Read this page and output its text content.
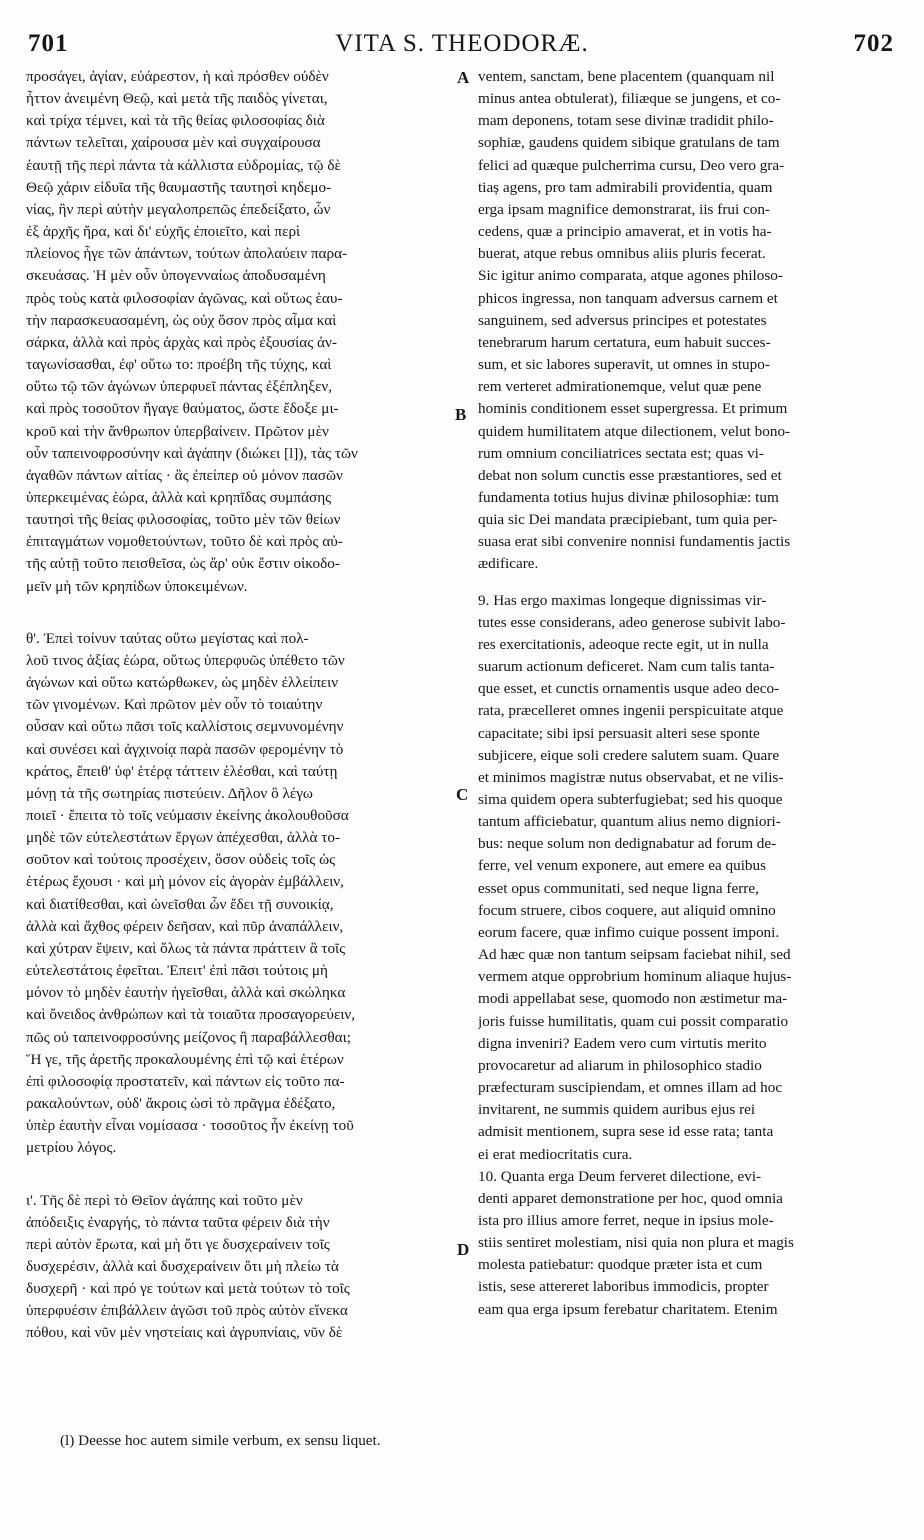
701	VITA S. THEODORÆ.	702
προσάγει, ἁγίαν, εὐάρεστον, ἡ καὶ πρόσθεν οὐδὲν
ἧττον ἀνειμένη Θεῷ, καὶ μετὰ τῆς παιδὸς γίνεται,
καὶ τρίχα τέμνει, καὶ τὰ τῆς θείας φιλοσοφίας διὰ
πάντων τελεῖται, χαίρουσα μὲν καὶ συγχαίρουσα
ἑαυτῇ τῆς περὶ πάντα τὰ κάλλιστα εὐδρομίας, τῷ δὲ
Θεῷ χάριν εἰδυῖα τῆς θαυμαστῆς ταυτησὶ κηδεμο-
νίας, ἣν περὶ αὐτὴν μεγαλοπρεπῶς ἐπεδείξατο, ὧν
ἐξ ἀρχῆς ἤρα, καὶ δι' εὐχῆς ἐποιεῖτο, καὶ περὶ
πλείονος ἦγε τῶν ἁπάντων, τούτων ἀπολαύειν παρα-
σκευάσας. Ἡ μὲν οὖν ὑπογενναίως ἀποδυσαμένη
πρὸς τοὺς κατὰ φιλοσοφίαν ἀγῶνας, καὶ οὕτως ἑαυ-
τὴν παρασκευασαμένη, ὡς οὐχ ὅσον πρὸς αἷμα καὶ
σάρκα, ἀλλὰ καὶ πρὸς ἀρχὰς καὶ πρὸς ἐξουσίας ἀν-
ταγωνίσασθαι, ἐφ' οὕτω το: προέβη τῆς τύχης, καὶ
οὕτω τῷ τῶν ἀγώνων ὑπερφυεῖ πάντας ἐξέπληξεν,
καὶ πρὸς τοσοῦτον ἤγαγε θαύματος, ὥστε ἔδοξε μι-
κροῦ καὶ τὴν ἄνθρωπον ὑπερβαίνειν. Πρῶτον μὲν
οὖν ταπεινοφροσύνην καὶ ἀγάπην (διώκει [l]), τὰς τῶν
ἀγαθῶν πάντων αἰτίας · ἃς ἐπείπερ οὐ μόνον πασῶν
ὑπερκειμένας ἑώρα, ἀλλὰ καὶ κρηπῖδας συμπάσης
ταυτησὶ τῆς θείας φιλοσοφίας, τοῦτο μὲν τῶν θείων
ἐπιταγμάτων νομοθετούντων, τοῦτο δὲ καὶ πρὸς αὐ-
τῆς αὐτῇ τοῦτο πεισθεῖσα, ὡς ἄρ' οὐκ ἔστιν οἰκοδο-
μεῖν μὴ τῶν κρηπίδων ὑποκειμένων.
θ'. Ἐπεὶ τοίνυν ταύτας οὕτω μεγίστας καὶ πολ-
λοῦ τινος ἀξίας ἑώρα, οὕτως ὑπερφυῶς ὑπέθετο τῶν
ἀγώνων καὶ οὕτω κατώρθωκεν, ὡς μηδὲν ἐλλείπειν
τῶν γινομένων. Καὶ πρῶτον μὲν οὖν τὸ τοιαύτην
οὖσαν καὶ οὕτω πᾶσι τοῖς καλλίστοις σεμνυνομένην
καὶ συνέσει καὶ ἀγχινοίᾳ παρὰ πασῶν φερομένην τὸ
κράτος, ἔπειθ' ὑφ' ἑτέρᾳ τάττειν ἑλέσθαι, καὶ ταύτῃ
μόνῃ τὰ τῆς σωτηρίας πιστεύειν. Δῆλον ὃ λέγω
ποιεῖ · ἔπειτα τὸ τοῖς νεύμασιν ἐκείνης ἀκολουθοῦσα
μηδὲ τῶν εὐτελεστάτων ἔργων ἀπέχεσθαι, ἀλλὰ το-
σοῦτον καὶ τούτοις προσέχειν, ὅσον οὐδεὶς τοῖς ὡς
ἑτέρως ἔχουσι · καὶ μὴ μόνον εἰς ἀγορὰν ἐμβάλλειν,
καὶ διατίθεσθαι, καὶ ὠνεῖσθαι ὧν ἔδει τῇ συνοικίᾳ,
ἀλλὰ καὶ ἄχθος φέρειν δεῆσαν, καὶ πῦρ ἀναπάλλειν,
καὶ χύτραν ἕψειν, καὶ ὅλως τὰ πάντα πράττειν ἃ τοῖς
εὐτελεστάτοις ἐφεῖται. Ἐπειτ' ἐπὶ πᾶσι τούτοις μὴ
μόνον τὸ μηδὲν ἑαυτὴν ἡγεῖσθαι, ἀλλὰ καὶ σκώληκα
καὶ ὄνειδος ἀνθρώπων καὶ τὰ τοιαῦτα προσαγορεύειν,
πῶς οὐ ταπεινοφροσύνης μείζονος ἢ παραβάλλεσθαι;
Ἥ γε, τῆς ἀρετῆς προκαλουμένης ἐπὶ τῷ καὶ ἑτέρων
ἐπὶ φιλοσοφίᾳ προστατεῖν, καὶ πάντων εἰς τοῦτο πα-
ρακαλούντων, οὐδ' ἄκροις ὠσὶ τὸ πρᾶγμα ἐδέξατο,
ὑπὲρ ἑαυτὴν εἶναι νομίσασα · τοσοῦτος ἦν ἐκείνῃ τοῦ
μετρίου λόγος.
ι'. Τῆς δὲ περὶ τὸ Θεῖον ἀγάπης καὶ τοῦτο μὲν
ἀπόδειξις ἐναργής, τὸ πάντα ταῦτα φέρειν διὰ τὴν
περὶ αὐτὸν ἔρωτα, καὶ μὴ ὅτι γε δυσχεραίνειν τοῖς
δυσχερέσιν, ἀλλὰ καὶ δυσχεραίνειν ὅτι μὴ πλείω τὰ
δυσχερῆ · καὶ πρό γε τούτων καὶ μετὰ τούτων τὸ τοῖς
ὑπερφυέσιν ἐπιβάλλειν ἀγῶσι τοῦ πρὸς αὐτὸν εἵνεκα
πόθου, καὶ νῦν μὲν νηστείαις καὶ ἀγρυπνίαις, νῦν δὲ
ventem, sanctam, bene placentem (quanquam nil
minus antea obtulerat), filiæque se jungens, et co-
mam deponens, totam sese divinæ tradidit philo-
sophiæ, gaudens quidem sibique gratulans de tam
felici ad quæque pulcherrima cursu, Deo vero gra-
tiaș agens, pro tam admirabili providentia, quam
erga ipsam magnifice demonstrarat, iis frui con-
cedens, quæ a principio amaverat, et in votis ha-
buerat, atque rebus omnibus aliis pluris fecerat.
Sic igitur animo comparata, atque agones philoso-
phicos ingressa, non tanquam adversus carnem et
sanguinem, sed adversus principes et potestates
tenebrarum harum certatura, eum habuit succes-
sum, et sic labores superavit, ut omnes in stupo-
rem verteret admirationemque, velut quæ pene
hominis conditionem esset supergressa. Et primum
quidem humilitatem atque dilectionem, velut bono-
rum omnium conciliatrices sectata est; quas vi-
debat non solum cunctis esse præstantiores, sed et
fundamenta totius hujus divinæ philosophiæ: tum
quia sic Dei mandata præcipiebant, tum quia per-
suasa erat sibi convenire nonnisi fundamentis jactis
ædificare.
9. Has ergo maximas longeque dignissimas vir-
tutes esse considerans, adeo generose subivit labo-
res exercitationis, adeoque recte egit, ut in nulla
suarum actionum deficeret. Nam cum talis tanta-
que esset, et cunctis ornamentis usque adeo deco-
rata, præcelleret omnes ingenii perspicuitate atque
capacitate; sibi ipsi persuasit alteri sese sponte
subjicere, eique soli credere salutem suam. Quare
et minimos magistræ nutus observabat, et ne vilis-
sima quidem opera subterfugiebat; sed his quoque
tantum afficiebatur, quantum alius nemo digniori-
bus: neque solum non dedignabatur ad forum de-
ferre, vel venum exponere, aut emere ea quibus
esset opus communitati, sed neque ligna ferre,
focum struere, cibos coquere, aut aliquid omnino
eorum facere, quæ infimo cuique possent imponi.
Ad hæc quæ non tantum seipsam faciebat nihil, sed
vermem atque opprobrium hominum aliaque hujus-
modi appellabat sese, quomodo non æstimetur ma-
joris fuisse humilitatis, quam cui possit comparatio
digna inveniri? Eadem vero cum virtutis merito
provocaretur ad aliarum in philosophico stadio
præfecturam suscipiendam, et omnes illam ad hoc
invitarent, ne summis quidem auribus ejus rei
admisit mentionem, supra sese id esse rata; tanta
ei erat mediocritatis cura.
10. Quanta erga Deum ferveret dilectione, evi-
denti apparet demonstratione per hoc, quod omnia
ista pro illius amore ferret, neque in ipsius mole-
stiis sentiret molestiam, nisi quia non plura et magis
molesta patiebatur: quodque præter ista et cum
istis, sese attereret laboribus immodicis, propter
eam qua erga ipsum ferebatur charitatem. Etenim
A
B
C
D
(l) Deesse hoc autem simile verbum, ex sensu liquet.
